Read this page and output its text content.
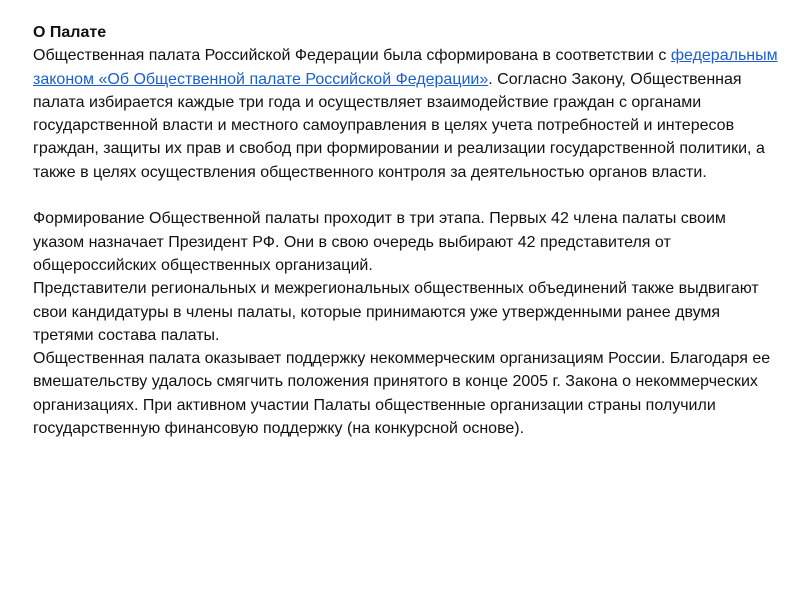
О Палате
Общественная палата Российской Федерации была сформирована в соответствии с федеральным законом «Об Общественной палате Российской Федерации». Согласно Закону, Общественная палата избирается каждые три года и осуществляет взаимодействие граждан с органами государственной власти и местного самоуправления в целях учета потребностей и интересов граждан, защиты их прав и свобод при формировании и реализации государственной политики, а также в целях осуществления общественного контроля за деятельностью органов власти.
Формирование Общественной палаты проходит в три этапа. Первых 42 члена палаты своим указом назначает Президент РФ. Они в свою очередь выбирают 42 представителя от общероссийских общественных организаций.
Представители региональных и межрегиональных общественных объединений также выдвигают свои кандидатуры в члены палаты, которые принимаются уже утвержденными ранее двумя третями состава палаты.
Общественная палата оказывает поддержку некоммерческим организациям России. Благодаря ее вмешательству удалось смягчить положения принятого в конце 2005 г. Закона о некоммерческих организациях. При активном участии Палаты общественные организации страны получили государственную финансовую поддержку (на конкурсной основе).
